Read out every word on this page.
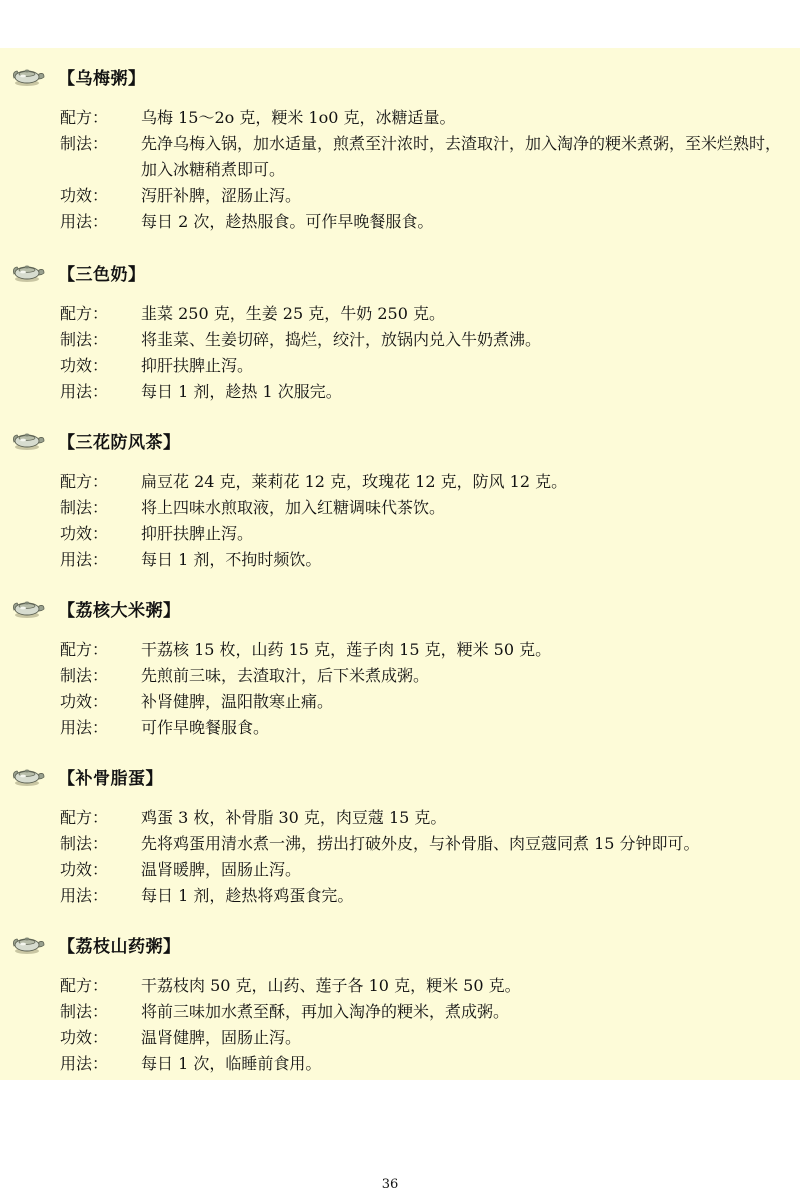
【乌梅粥】
配方： 乌梅 15～2o 克，粳米 1o0 克，冰糖适量。
制法： 先净乌梅入锅，加水适量，煎煮至汁浓时，去渣取汁，加入淘净的粳米煮粥，至米烂熟时，加入冰糖稍煮即可。
功效： 泻肝补脾，涩肠止泻。
用法： 每日 2 次，趁热服食。可作早晚餐服食。
【三色奶】
配方： 韭菜 250 克，生姜 25 克，牛奶 250 克。
制法： 将韭菜、生姜切碎，捣烂，绞汁，放锅内兑入牛奶煮沸。
功效： 抑肝扶脾止泻。
用法： 每日 1 剂，趁热 1 次服完。
【三花防风茶】
配方： 扁豆花 24 克，莱莉花 12 克，玫瑰花 12 克，防风 12 克。
制法： 将上四味水煎取液，加入红糖调味代茶饮。
功效： 抑肝扶脾止泻。
用法： 每日 1 剂，不拘时频饮。
【荔核大米粥】
配方： 干荔核 15 枚，山药 15 克，莲子肉 15 克，粳米 50 克。
制法： 先煎前三味，去渣取汁，后下米煮成粥。
功效： 补肾健脾，温阳散寒止痛。
用法： 可作早晚餐服食。
【补骨脂蛋】
配方： 鸡蛋 3 枚，补骨脂 30 克，肉豆蔻 15 克。
制法： 先将鸡蛋用清水煮一沸，捞出打破外皮，与补骨脂、肉豆蔻同煮 15 分钟即可。
功效： 温肾暖脾，固肠止泻。
用法： 每日 1 剂，趁热将鸡蛋食完。
【荔枝山药粥】
配方： 干荔枝肉 50 克，山药、莲子各 10 克，粳米 50 克。
制法： 将前三味加水煮至酥，再加入淘净的粳米，煮成粥。
功效： 温肾健脾，固肠止泻。
用法： 每日 1 次，临睡前食用。
36
